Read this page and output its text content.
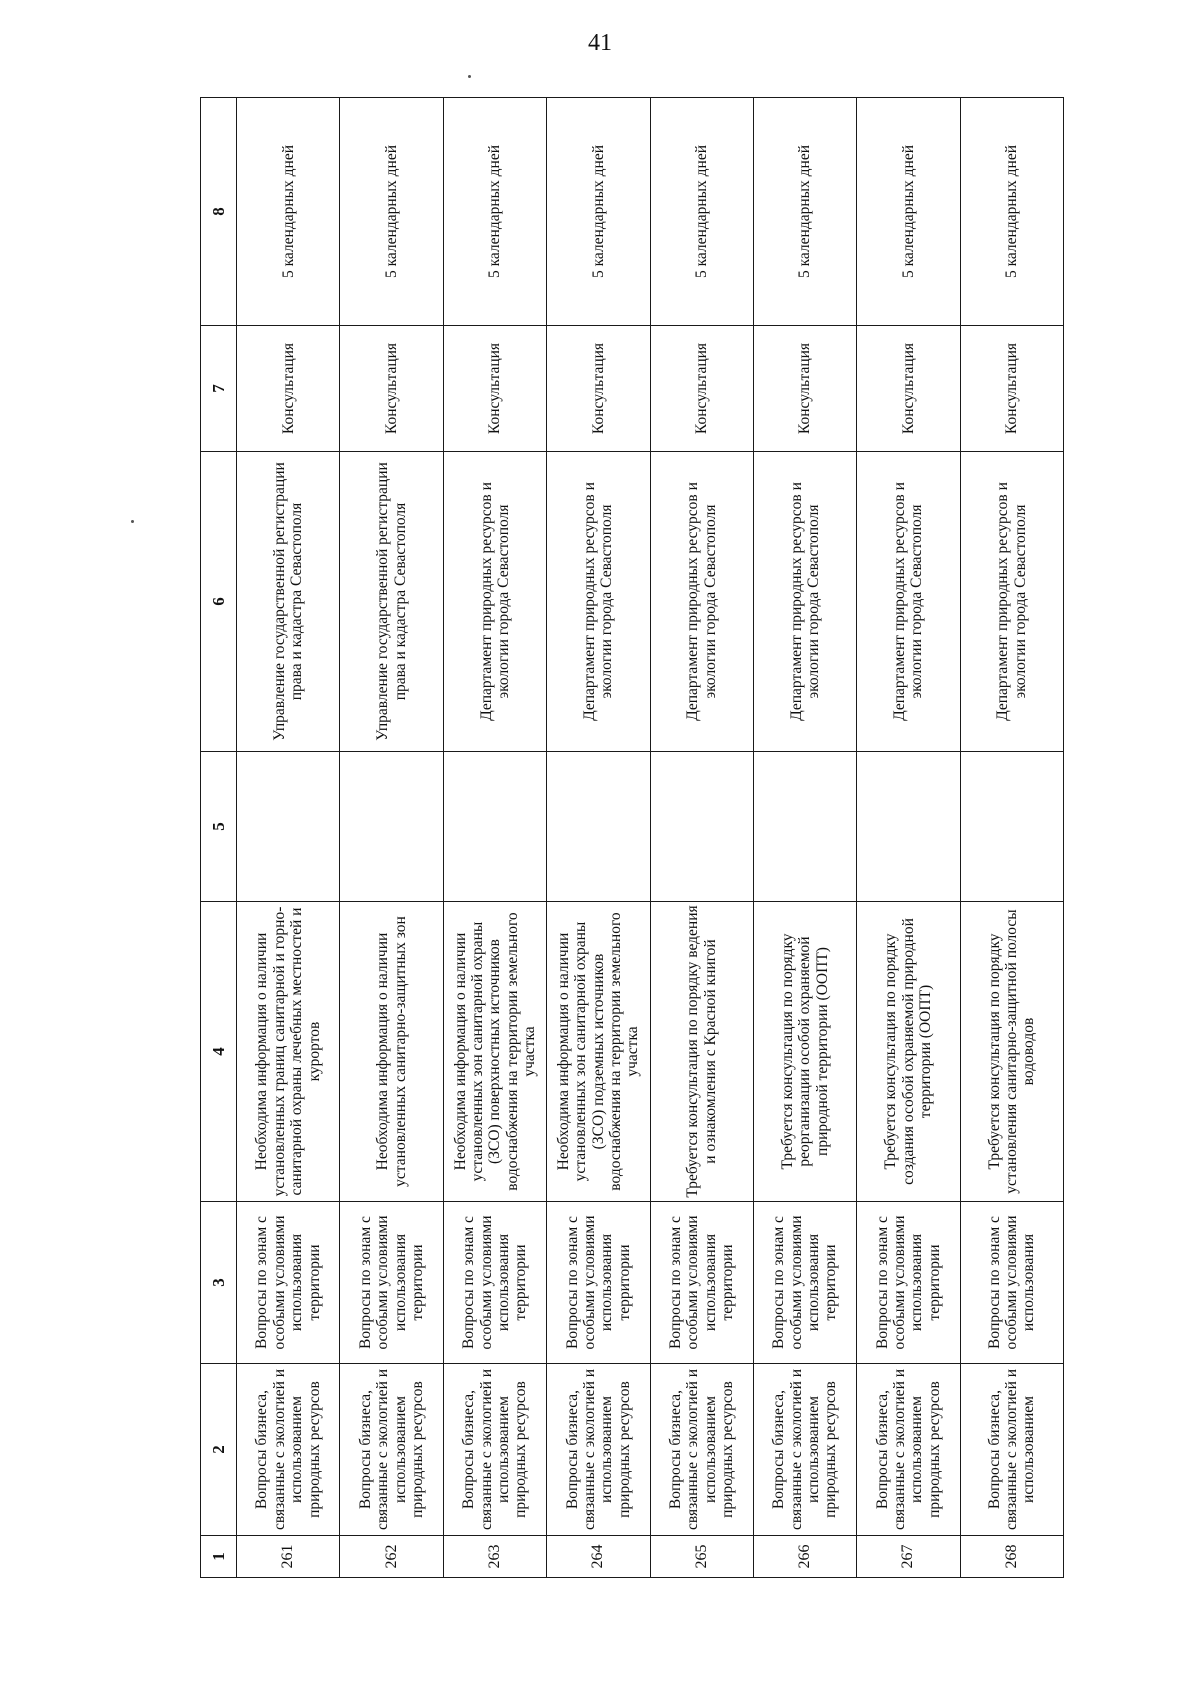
41
1	2	3	4	5	6	7	8
261	Вопросы бизнеса, связанные с экологией и использованием природных ресурсов	Вопросы по зонам с особыми условиями использования территории	Необходима информация о наличии установленных границ санитарной и горно-санитарной охраны лечебных местностей и курортов		Управление государственной регистрации права и кадастра Севастополя	Консультация	5 календарных дней
262	Вопросы бизнеса, связанные с экологией и использованием природных ресурсов	Вопросы по зонам с особыми условиями использования территории	Необходима информация о наличии установленных санитарно-защитных зон		Управление государственной регистрации права и кадастра Севастополя	Консультация	5 календарных дней
263	Вопросы бизнеса, связанные с экологией и использованием природных ресурсов	Вопросы по зонам с особыми условиями использования территории	Необходима информация о наличии установленных зон санитарной охраны (ЗСО) поверхностных источников водоснабжения на территории земельного участка		Департамент природных ресурсов и экологии города Севастополя	Консультация	5 календарных дней
264	Вопросы бизнеса, связанные с экологией и использованием природных ресурсов	Вопросы по зонам с особыми условиями использования территории	Необходима информация о наличии установленных зон санитарной охраны (ЗСО) подземных источников водоснабжения на территории земельного участка		Департамент природных ресурсов и экологии города Севастополя	Консультация	5 календарных дней
265	Вопросы бизнеса, связанные с экологией и использованием природных ресурсов	Вопросы по зонам с особыми условиями использования территории	Требуется консультация по порядку ведения и ознакомления с Красной книгой		Департамент природных ресурсов и экологии города Севастополя	Консультация	5 календарных дней
266	Вопросы бизнеса, связанные с экологией и использованием природных ресурсов	Вопросы по зонам с особыми условиями использования территории	Требуется консультация по порядку реорганизации особой охраняемой природной территории (ООПТ)		Департамент природных ресурсов и экологии города Севастополя	Консультация	5 календарных дней
267	Вопросы бизнеса, связанные с экологией и использованием природных ресурсов	Вопросы по зонам с особыми условиями использования территории	Требуется консультация по порядку создания особой охраняемой природной территории (ООПТ)		Департамент природных ресурсов и экологии города Севастополя	Консультация	5 календарных дней
268	Вопросы бизнеса, связанные с экологией и использованием	Вопросы по зонам с особыми условиями использования	Требуется консультация по порядку установления санитарно-защитной полосы водоводов		Департамент природных ресурсов и экологии города Севастополя	Консультация	5 календарных дней
